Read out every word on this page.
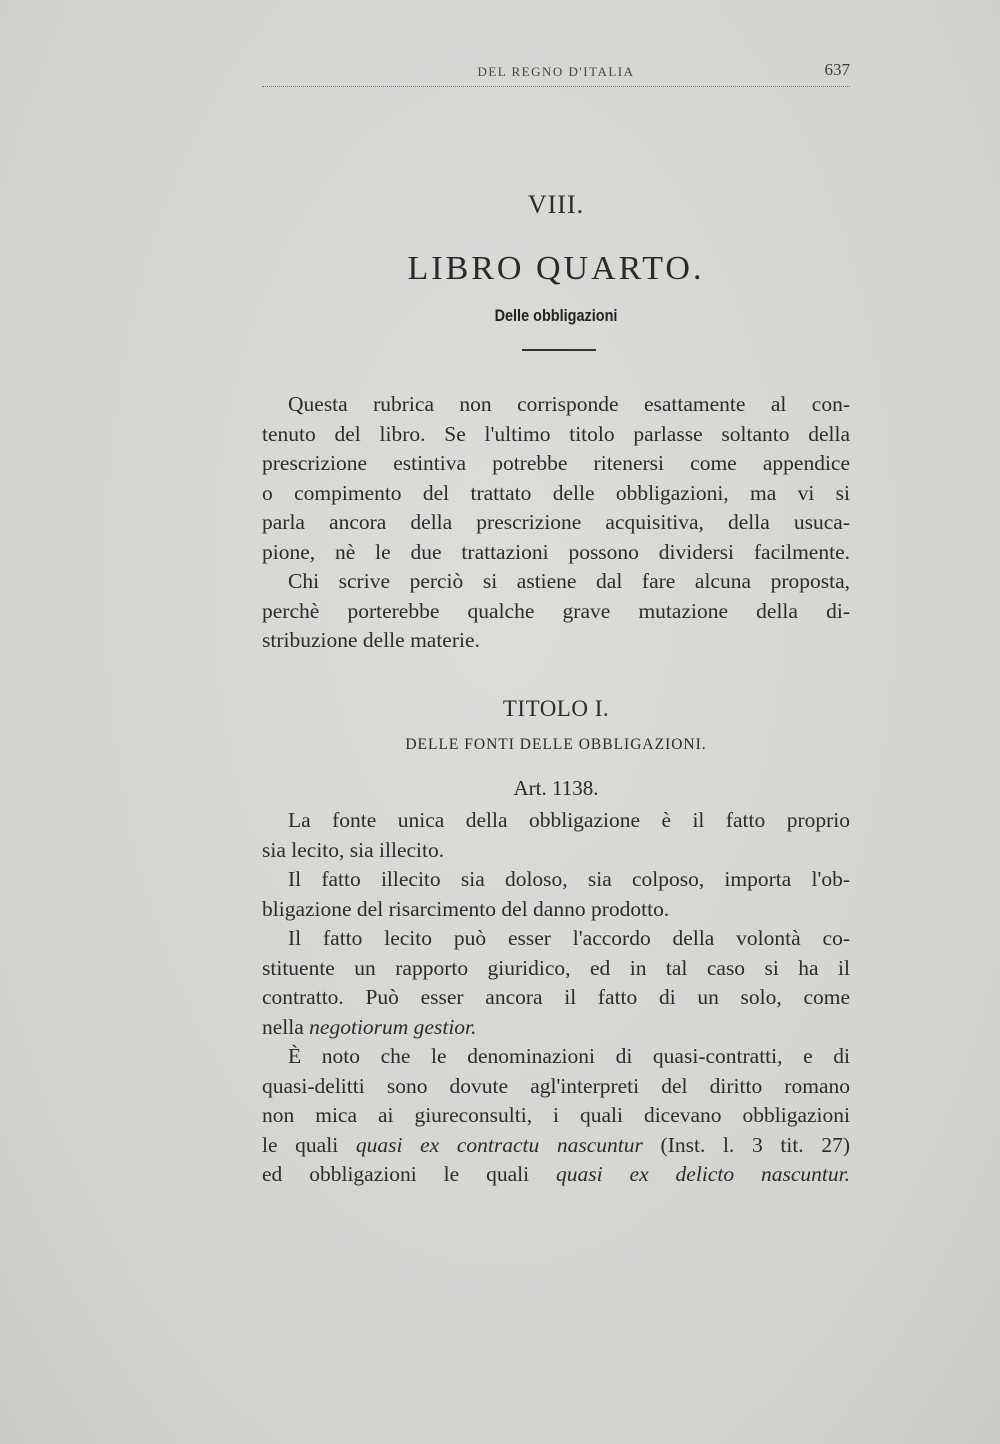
DEL REGNO D'ITALIA	637
VIII.
LIBRO QUARTO.
Delle obbligazioni
Questa rubrica non corrisponde esattamente al con-
tenuto del libro. Se l'ultimo titolo parlasse soltanto della
prescrizione estintiva potrebbe ritenersi come appendice
o compimento del trattato delle obbligazioni, ma vi si
parla ancora della prescrizione acquisitiva, della usuca-
pione, nè le due trattazioni possono dividersi facilmente.
Chi scrive perciò si astiene dal fare alcuna proposta,
perchè porterebbe qualche grave mutazione della di-
stribuzione delle materie.
TITOLO I.
DELLE FONTI DELLE OBBLIGAZIONI.
Art. 1138.
La fonte unica della obbligazione è il fatto proprio
sia lecito, sia illecito.
Il fatto illecito sia doloso, sia colposo, importa l'ob-
bligazione del risarcimento del danno prodotto.
Il fatto lecito può esser l'accordo della volontà co-
stituente un rapporto giuridico, ed in tal caso si ha il
contratto. Può esser ancora il fatto di un solo, come
nella negotiorum gestior.
È noto che le denominazioni di quasi-contratti, e di
quasi-delitti sono dovute agl'interpreti del diritto romano
non mica ai giureconsulti, i quali dicevano obbligazioni
le quali quasi ex contractu nascuntur (Inst. l. 3 tit. 27)
ed obbligazioni le quali quasi ex delicto nascuntur.
